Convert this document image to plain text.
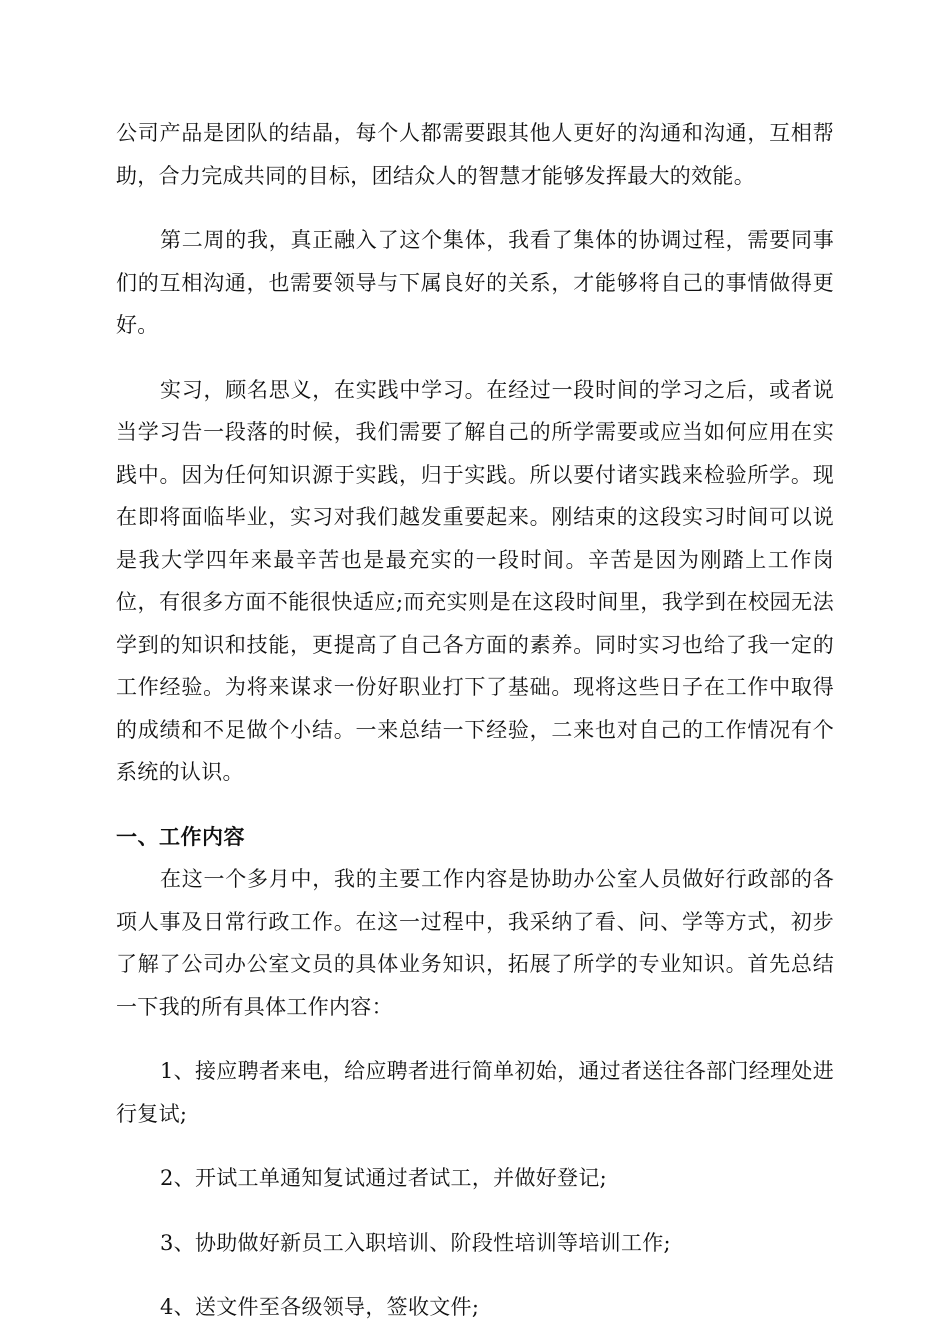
公司产品是团队的结晶，每个人都需要跟其他人更好的沟通和沟通，互相帮助，合力完成共同的目标，团结众人的智慧才能够发挥最大的效能。

第二周的我，真正融入了这个集体，我看了集体的协调过程，需要同事们的互相沟通，也需要领导与下属良好的关系，才能够将自己的事情做得更好。

实习，顾名思义，在实践中学习。在经过一段时间的学习之后，或者说当学习告一段落的时候，我们需要了解自己的所学需要或应当如何应用在实践中。因为任何知识源于实践，归于实践。所以要付诸实践来检验所学。现在即将面临毕业，实习对我们越发重要起来。刚结束的这段实习时间可以说是我大学四年来最辛苦也是最充实的一段时间。辛苦是因为刚踏上工作岗位，有很多方面不能很快适应;而充实则是在这段时间里，我学到在校园无法学到的知识和技能，更提高了自己各方面的素养。同时实习也给了我一定的工作经验。为将来谋求一份好职业打下了基础。现将这些日子在工作中取得的成绩和不足做个小结。一来总结一下经验，二来也对自己的工作情况有个系统的认识。

一、工作内容

在这一个多月中，我的主要工作内容是协助办公室人员做好行政部的各项人事及日常行政工作。在这一过程中，我采纳了看、问、学等方式，初步了解了公司办公室文员的具体业务知识，拓展了所学的专业知识。首先总结一下我的所有具体工作内容：

1、接应聘者来电，给应聘者进行简单初始，通过者送往各部门经理处进行复试;

2、开试工单通知复试通过者试工，并做好登记;

3、协助做好新员工入职培训、阶段性培训等培训工作;

4、送文件至各级领导，签收文件;
